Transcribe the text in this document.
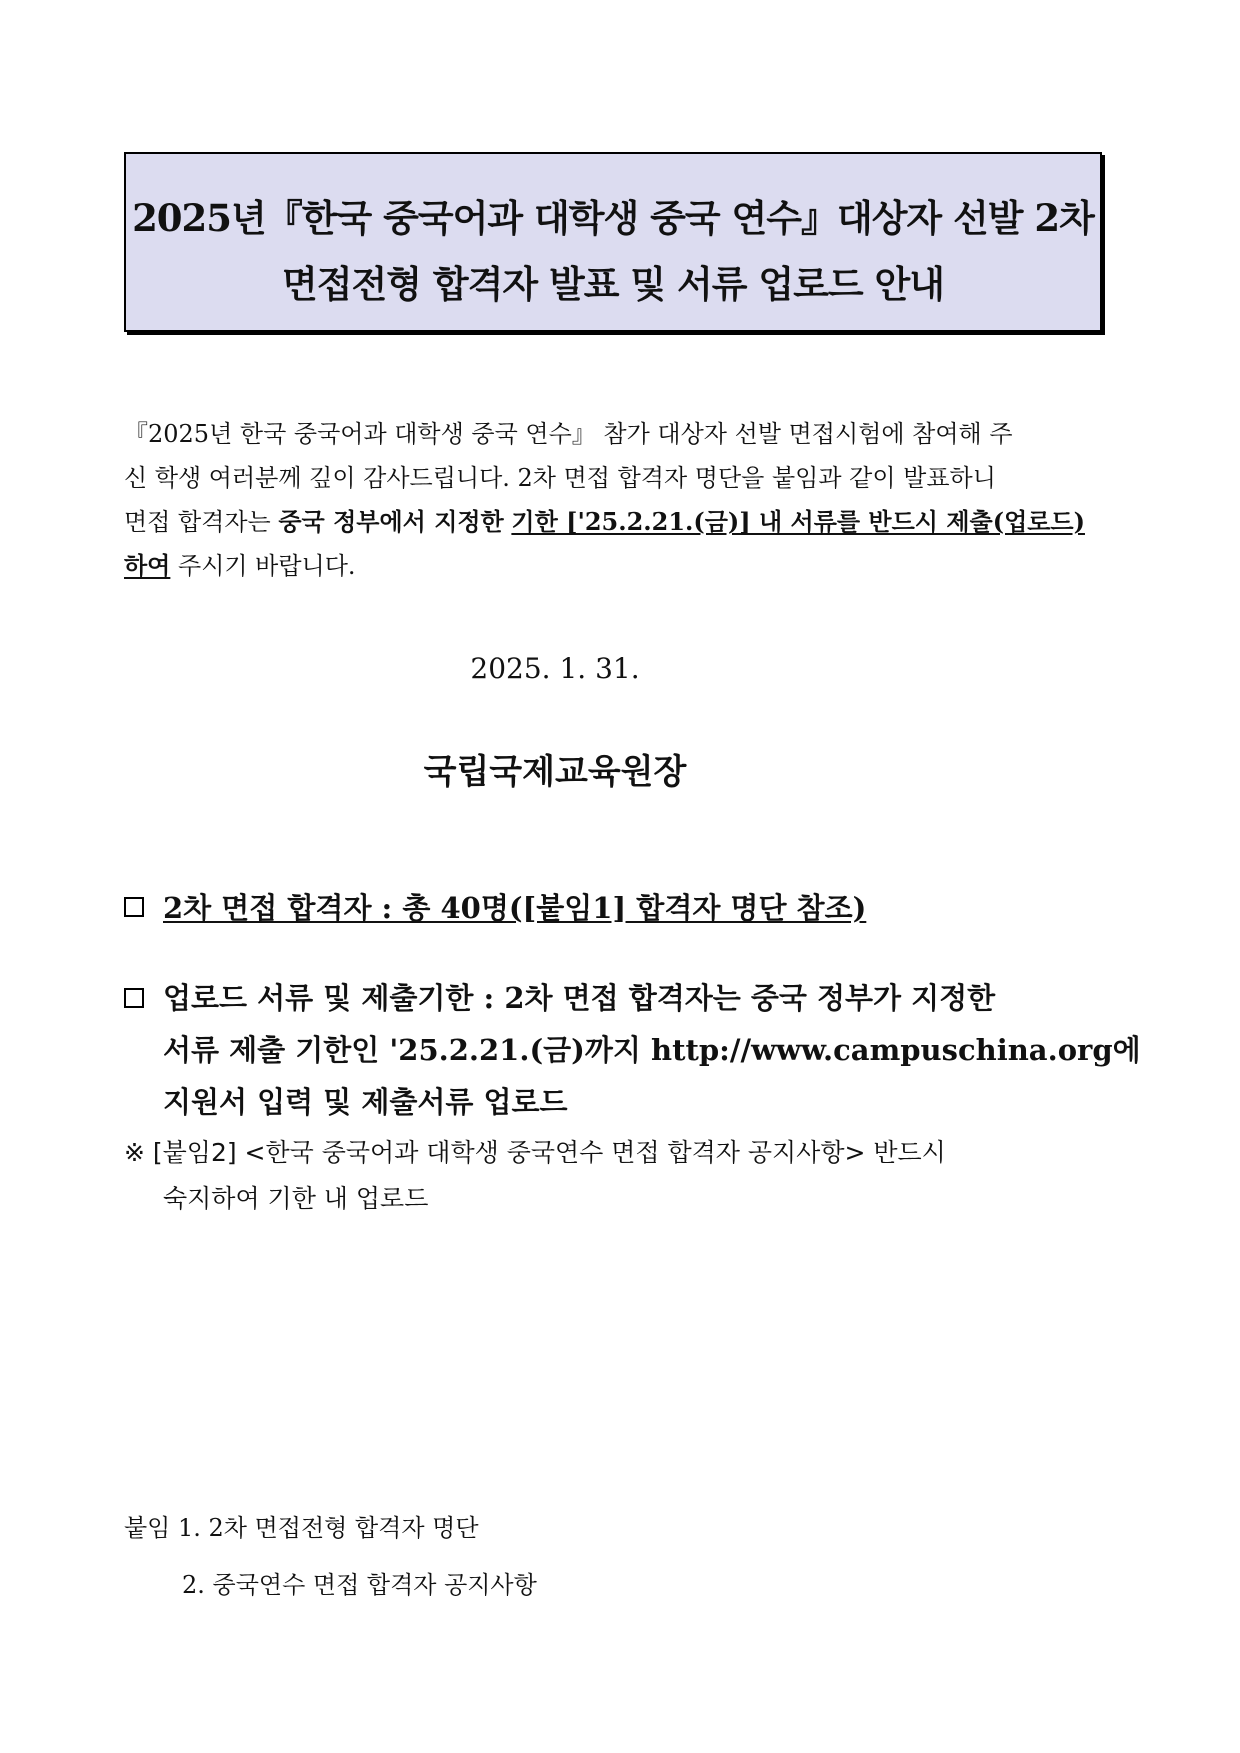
2025년『한국 중국어과 대학생 중국 연수』대상자 선발 2차
면접전형 합격자 발표 및 서류 업로드 안내
『2025년 한국 중국어과 대학생 중국 연수』 참가 대상자 선발 면접시험에 참여해 주
신 학생 여러분께 깊이 감사드립니다. 2차 면접 합격자 명단을 붙임과 같이 발표하니
면접 합격자는 중국 정부에서 지정한 기한 ['25.2.21.(금)] 내 서류를 반드시 제출(업로드)
하여 주시기 바랍니다.
2025. 1. 31.
국립국제교육원장
2차 면접 합격자 : 총 40명([붙임1] 합격자 명단 참조)
업로드 서류 및 제출기한 : 2차 면접 합격자는 중국 정부가 지정한
서류 제출 기한인 '25.2.21.(금)까지 http://www.campuschina.org에
지원서 입력 및 제출서류 업로드
※ [붙임2] <한국 중국어과 대학생 중국연수 면접 합격자 공지사항> 반드시
숙지하여 기한 내 업로드
붙임 1. 2차 면접전형 합격자 명단
2. 중국연수 면접 합격자 공지사항
